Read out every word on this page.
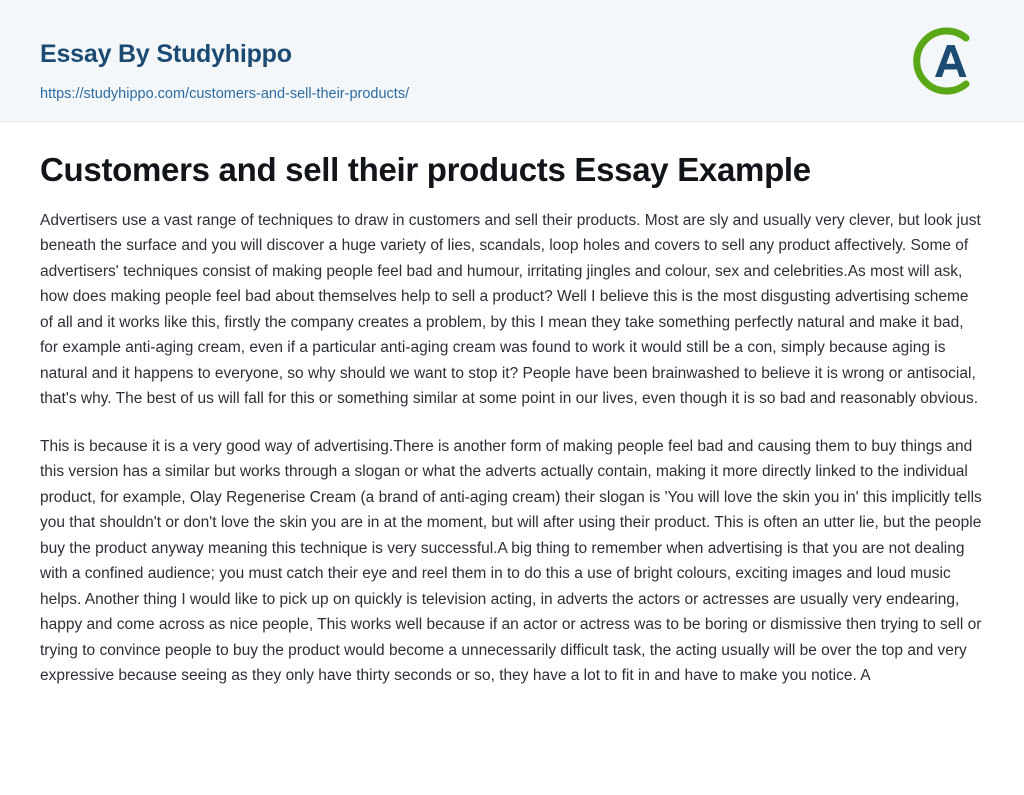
Essay By Studyhippo
https://studyhippo.com/customers-and-sell-their-products/
Customers and sell their products Essay Example

Advertisers use a vast range of techniques to draw in customers and sell their products. Most are sly and usually very clever, but look just beneath the surface and you will discover a huge variety of lies, scandals, loop holes and covers to sell any product affectively. Some of advertisers' techniques consist of making people feel bad and humour, irritating jingles and colour, sex and celebrities.As most will ask, how does making people feel bad about themselves help to sell a product? Well I believe this is the most disgusting advertising scheme of all and it works like this, firstly the company creates a problem, by this I mean they take something perfectly natural and make it bad, for example anti-aging cream, even if a particular anti-aging cream was found to work it would still be a con, simply because aging is natural and it happens to everyone, so why should we want to stop it? People have been brainwashed to believe it is wrong or antisocial, that's why. The best of us will fall for this or something similar at some point in our lives, even though it is so bad and reasonably obvious.

This is because it is a very good way of advertising.There is another form of making people feel bad and causing them to buy things and this version has a similar but works through a slogan or what the adverts actually contain, making it more directly linked to the individual product, for example, Olay Regenerise Cream (a brand of anti-aging cream) their slogan is 'You will love the skin you in' this implicitly tells you that shouldn't or don't love the skin you are in at the moment, but will after using their product. This is often an utter lie, but the people buy the product anyway meaning this technique is very successful.A big thing to remember when advertising is that you are not dealing with a confined audience; you must catch their eye and reel them in to do this a use of bright colours, exciting images and loud music helps. Another thing I would like to pick up on quickly is television acting, in adverts the actors or actresses are usually very endearing, happy and come across as nice people, This works well because if an actor or actress was to be boring or dismissive then trying to sell or trying to convince people to buy the product would become a unnecessarily difficult task, the acting usually will be over the top and very expressive because seeing as they only have thirty seconds or so, they have a lot to fit in and have to make you notice. A
